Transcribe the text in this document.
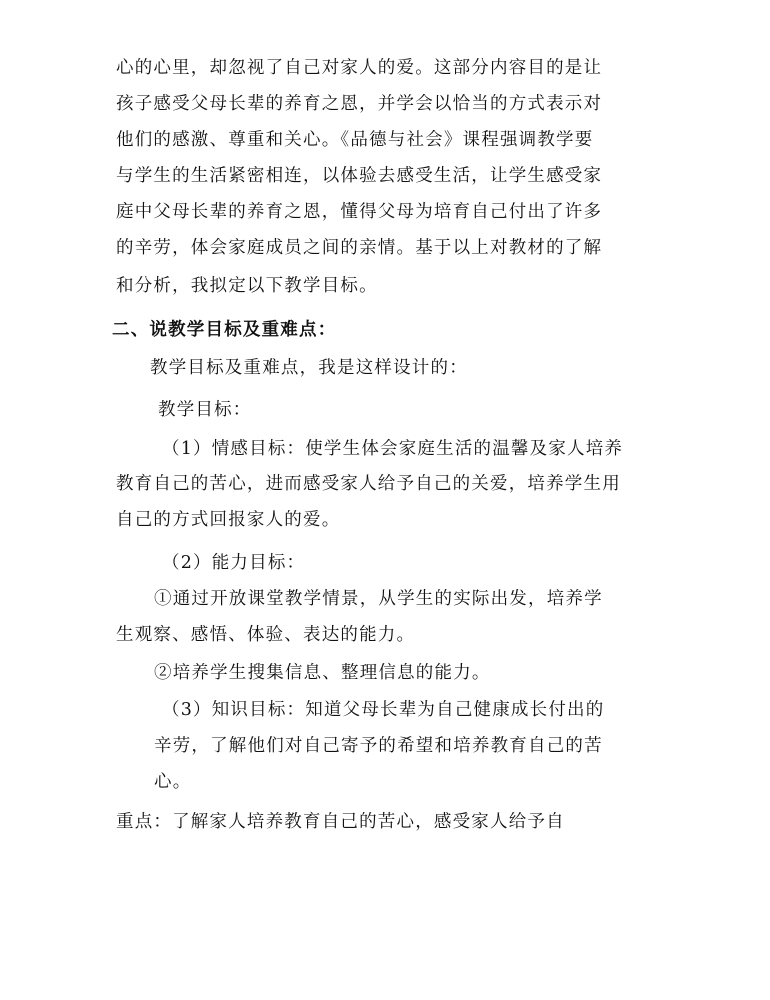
心的心里，却忽视了自己对家人的爱。这部分内容目的是让
孩子感受父母长辈的养育之恩，并学会以恰当的方式表示对
他们的感激、尊重和关心。《品德与社会》课程强调教学要
与学生的生活紧密相连，以体验去感受生活，让学生感受家
庭中父母长辈的养育之恩，懂得父母为培育自己付出了许多
的辛劳，体会家庭成员之间的亲情。基于以上对教材的了解
和分析，我拟定以下教学目标。
二、说教学目标及重难点：
教学目标及重难点，我是这样设计的：
教学目标：
（1）情感目标：使学生体会家庭生活的温馨及家人培养
教育自己的苦心，进而感受家人给予自己的关爱，培养学生用
自己的方式回报家人的爱。
（2）能力目标：
①通过开放课堂教学情景，从学生的实际出发，培养学
生观察、感悟、体验、表达的能力。
②培养学生搜集信息、整理信息的能力。
（3）知识目标：知道父母长辈为自己健康成长付出的
辛劳，了解他们对自己寄予的希望和培养教育自己的苦
心。
重点：了解家人培养教育自己的苦心，感受家人给予自
